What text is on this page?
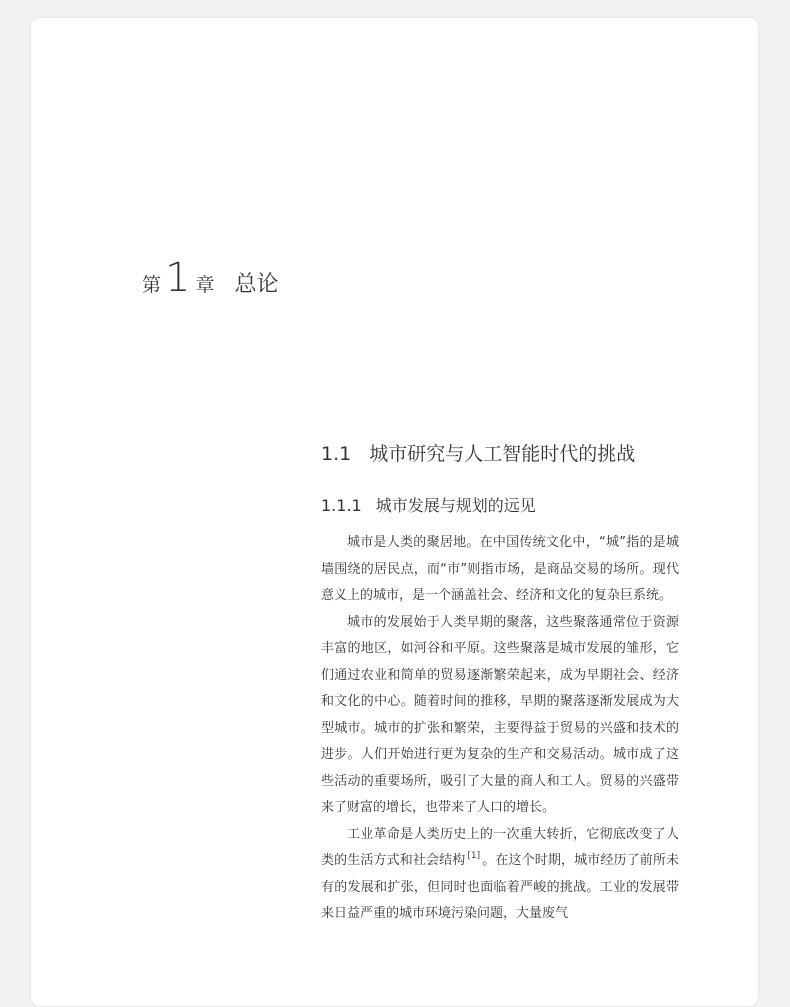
第 1 章 总论
1.1 城市研究与人工智能时代的挑战
1.1.1 城市发展与规划的远见

城市是人类的聚居地。在中国传统文化中，“城”指的是城墙围绕的居民点，而“市”则指市场，是商品交易的场所。现代意义上的城市，是一个涵盖社会、经济和文化的复杂巨系统。

城市的发展始于人类早期的聚落，这些聚落通常位于资源丰富的地区，如河谷和平原。这些聚落是城市发展的雏形，它们通过农业和简单的贸易逐渐繁荣起来，成为早期社会、经济和文化的中心。随着时间的推移，早期的聚落逐渐发展成为大型城市。城市的扩张和繁荣，主要得益于贸易的兴盛和技术的进步。人们开始进行更为复杂的生产和交易活动。城市成了这些活动的重要场所，吸引了大量的商人和工人。贸易的兴盛带来了财富的增长，也带来了人口的增长。

工业革命是人类历史上的一次重大转折，它彻底改变了人类的生活方式和社会结构 [1] 。在这个时期，城市经历了前所未有的发展和扩张，但同时也面临着严峻的挑战。工业的发展带来日益严重的城市环境污染问题，大量废气
